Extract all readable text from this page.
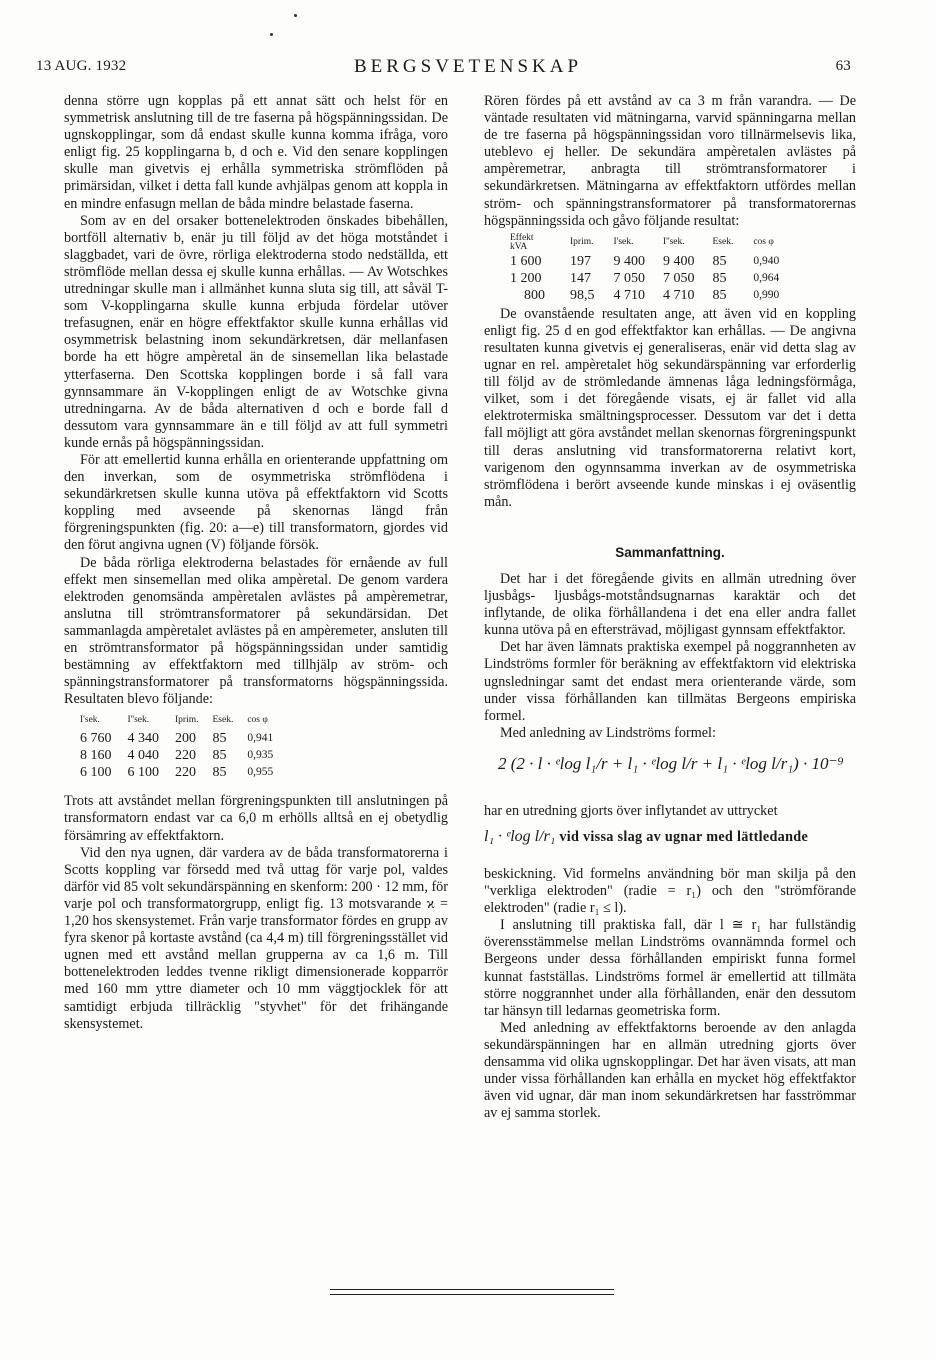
13 AUG. 1932	BERGSVETENSKAP	63

denna större ugn kopplas på ett annat sätt och helst för en symmetrisk anslutning till de tre faserna på högspänningssidan. De ugnskopplingar, som då endast skulle kunna komma ifråga, voro enligt fig. 25 kopplingarna b, d och e. Vid den senare kopplingen skulle man givetvis ej erhålla symmetriska strömflöden på primärsidan, vilket i detta fall kunde avhjälpas genom att koppla in en mindre enfasugn mellan de båda mindre belastade faserna.

Som av en del orsaker bottenelektroden önskades bibehållen, bortföll alternativ b, enär ju till följd av det höga motståndet i slaggbadet, vari de övre, rörliga elektroderna stodo nedställda, ett strömflöde mellan dessa ej skulle kunna erhållas. — Av Wotschkes utredningar skulle man i allmänhet kunna sluta sig till, att såväl T- som V-kopplingarna skulle kunna erbjuda fördelar utöver trefasugnen, enär en högre effektfaktor skulle kunna erhållas vid osymmetrisk belastning inom sekundärkretsen, där mellanfasen borde ha ett högre ampèretal än de sinsemellan lika belastade ytterfaserna. Den Scottska kopplingen borde i så fall vara gynnsammare än V-kopplingen enligt de av Wotschke givna utredningarna. Av de båda alternativen d och e borde fall d dessutom vara gynnsammare än e till följd av att full symmetri kunde ernås på högspänningssidan.

För att emellertid kunna erhålla en orienterande uppfattning om den inverkan, som de osymmetriska strömflödena i sekundärkretsen skulle kunna utöva på effektfaktorn vid Scotts koppling med avseende på skenornas längd från förgreningspunkten (fig. 20: a—e) till transformatorn, gjordes vid den förut angivna ugnen (V) följande försök.

De båda rörliga elektroderna belastades för ernående av full effekt men sinsemellan med olika ampèretal. De genom vardera elektroden genomsända ampèretalen avlästes på ampèremetrar, anslutna till strömtransformatorer på sekundärsidan. Det sammanlagda ampèretalet avlästes på en ampèremeter, ansluten till en strömtransformator på högspänningssidan under samtidig bestämning av effektfaktorn med tillhjälp av ström- och spänningstransformatorer på transformatorns högspänningssida. Resultaten blevo följande:

I'sek.	I''sek.	Iprim.	Esek.	cos φ
6 760	4 340	200	85	0,941
8 160	4 040	220	85	0,935
6 100	6 100	220	85	0,955

Trots att avståndet mellan förgreningspunkten till anslutningen på transformatorn endast var ca 6,0 m erhölls alltså en ej obetydlig försämring av effektfaktorn.

Vid den nya ugnen, där vardera av de båda transformatorerna i Scotts koppling var försedd med två uttag för varje pol, valdes därför vid 85 volt sekundärspänning en skenform: 200 · 12 mm, för varje pol och transformatorgrupp, enligt fig. 13 motsvarande ϰ = 1,20 hos skensystemet. Från varje transformator fördes en grupp av fyra skenor på kortaste avstånd (ca 4,4 m) till förgreningsstället vid ugnen med ett avstånd mellan grupperna av ca 1,6 m. Till bottenelektroden leddes tvenne rikligt dimensionerade kopparrör med 160 mm yttre diameter och 10 mm väggtjocklek för att samtidigt erbjuda tillräcklig "styvhet" för det frihängande skensystemet.

Rören fördes på ett avstånd av ca 3 m från varandra. — De väntade resultaten vid mätningarna, varvid spänningarna mellan de tre faserna på högspänningssidan voro tillnärmelsevis lika, uteblevo ej heller. De sekundära ampèretalen avlästes på ampèremetrar, anbragta till strömtransformatorer i sekundärkretsen. Mätningarna av effektfaktorn utfördes mellan ström- och spänningstransformatorer på transformatorernas högspänningssida och gåvo följande resultat:

Effekt kVA	Iprim.	I'sek.	I''sek.	Esek.	cos φ
1 600	197	9 400	9 400	85	0,940
1 200	147	7 050	7 050	85	0,964
800	98,5	4 710	4 710	85	0,990

De ovanstående resultaten ange, att även vid en koppling enligt fig. 25 d en god effektfaktor kan erhållas. — De angivna resultaten kunna givetvis ej generaliseras, enär vid detta slag av ugnar en rel. ampèretalet hög sekundärspänning var erforderlig till följd av de strömledande ämnenas låga ledningsförmåga, vilket, som i det föregående visats, ej är fallet vid alla elektrotermiska smältningsprocesser. Dessutom var det i detta fall möjligt att göra avståndet mellan skenornas förgreningspunkt till deras anslutning vid transformatorerna relativt kort, varigenom den ogynnsamma inverkan av de osymmetriska strömflödena i berört avseende kunde minskas i ej oväsentlig mån.

Sammanfattning.

Det har i det föregående givits en allmän utredning över ljusbågs- ljusbågs-motståndsugnarnas karaktär och det inflytande, de olika förhållandena i det ena eller andra fallet kunna utöva på en eftersträvad, möjligast gynnsam effektfaktor.

Det har även lämnats praktiska exempel på noggrannheten av Lindströms formler för beräkning av effektfaktorn vid elektriska ugnsledningar samt det endast mera orienterande värde, som under vissa förhållanden kan tillmätas Bergeons empiriska formel.

Med anledning av Lindströms formel:

2 (2 · l · ᵉlog l₁/r + l₁ · ᵉlog l/r + l₁ · ᵉlog l/r₁) · 10⁻⁹

har en utredning gjorts över inflytandet av uttrycket

l₁ · ᵉlog l/r₁ vid vissa slag av ugnar med lättledande

beskickning. Vid formelns användning bör man skilja på den "verkliga elektroden" (radie = r₁) och den "strömförande elektroden" (radie r₁ ≤ l).

I anslutning till praktiska fall, där l ≅ r₁ har fullständig överensstämmelse mellan Lindströms ovannämnda formel och Bergeons under dessa förhållanden empiriskt funna formel kunnat fastställas. Lindströms formel är emellertid att tillmäta större noggrannhet under alla förhållanden, enär den dessutom tar hänsyn till ledarnas geometriska form.

Med anledning av effektfaktorns beroende av den anlagda sekundärspänningen har en allmän utredning gjorts över densamma vid olika ugnskopplingar. Det har även visats, att man under vissa förhållanden kan erhålla en mycket hög effektfaktor även vid ugnar, där man inom sekundärkretsen har fasströmmar av ej samma storlek.
